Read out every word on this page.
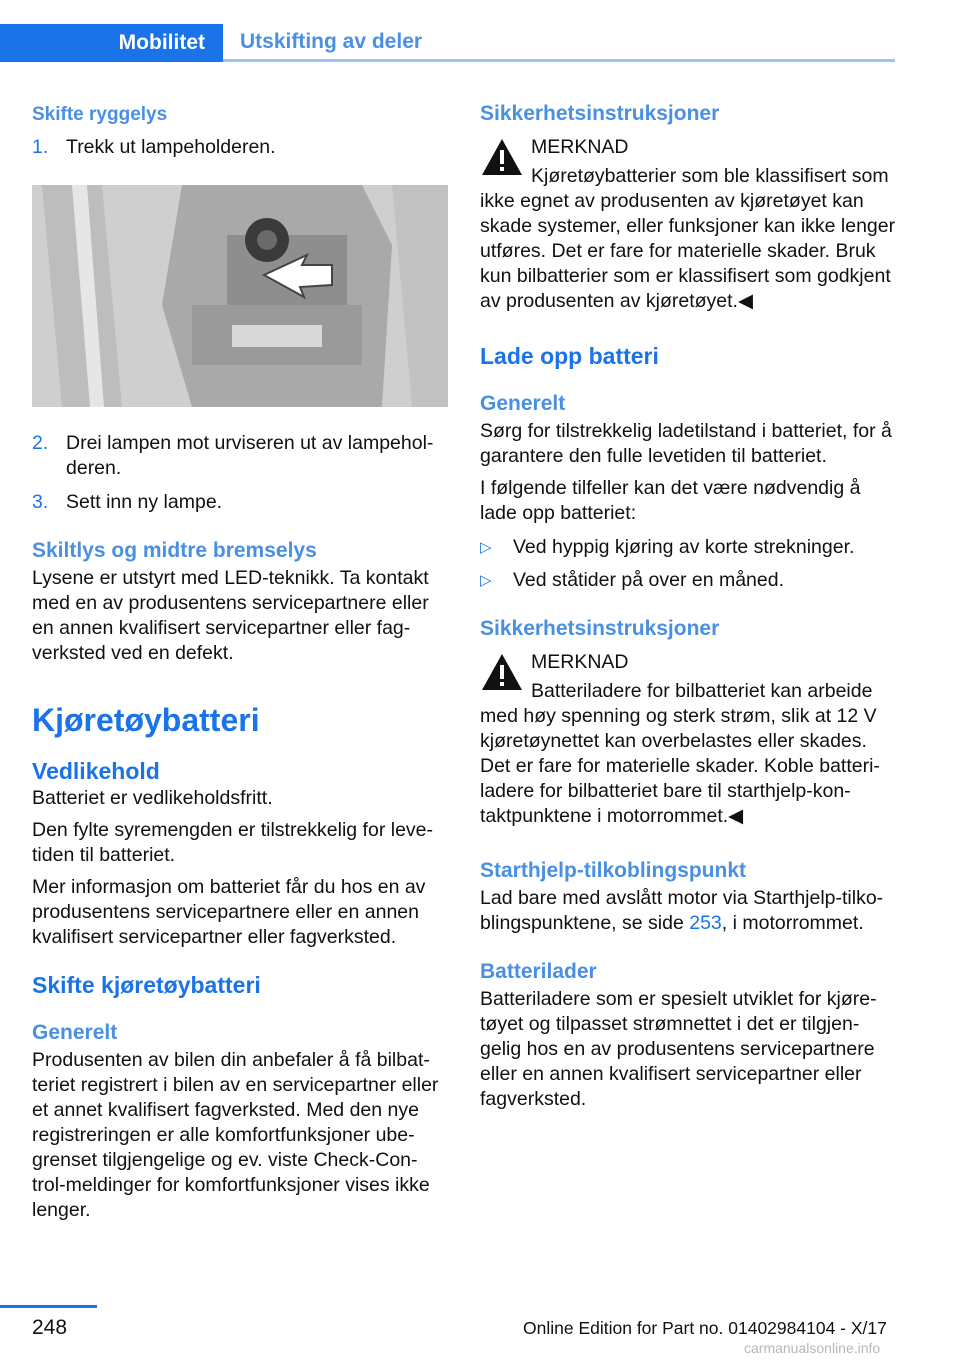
Mobilitet	Utskifting av deler
Skifte ryggelys
1. Trekk ut lampeholderen.
2. Drei lampen mot urviseren ut av lampehol‐deren.
3. Sett inn ny lampe.
Skiltlys og midtre bremselys

Lysene er utstyrt med LED-teknikk. Ta kontakt med en av produsentens servicepartnere eller en annen kvalifisert servicepartner eller fag‐verksted ved en defekt.

Kjøretøybatteri
Vedlikehold

Batteriet er vedlikeholdsfritt.

Den fylte syremengden er tilstrekkelig for leve‐tiden til batteriet.

Mer informasjon om batteriet får du hos en av produsentens servicepartnere eller en annen kvalifisert servicepartner eller fagverksted.

Skifte kjøretøybatteri
Generelt

Produsenten av bilen din anbefaler å få bilbat‐teriet registrert i bilen av en servicepartner eller et annet kvalifisert fagverksted. Med den nye registreringen er alle komfortfunksjoner ube‐grenset tilgjengelige og ev. viste Check-Con‐trol-meldinger for komfortfunksjoner vises ikke lenger.

Sikkerhetsinstruksjoner
MERKNAD

Kjøretøybatterier som ble klassifisert som ikke egnet av produsenten av kjøretøyet kan skade systemer, eller funksjoner kan ikke lenger utføres. Det er fare for materielle skader. Bruk kun bilbatterier som er klassifisert som godkjent av produsenten av kjøretøyet.◀

Lade opp batteri
Generelt

Sørg for tilstrekkelig ladetilstand i batteriet, for å garantere den fulle levetiden til batteriet.

I følgende tilfeller kan det være nødvendig å lade opp batteriet:

▷	Ved hyppig kjøring av korte strekninger.
▷	Ved ståtider på over en måned.
Sikkerhetsinstruksjoner
MERKNAD

Batteriladere for bilbatteriet kan arbeide med høy spenning og sterk strøm, slik at 12 V kjøretøynettet kan overbelastes eller skades. Det er fare for materielle skader. Koble batteri‐ladere for bilbatteriet bare til starthjelp-kon‐taktpunktene i motorrommet.◀

Starthjelp-tilkoblingspunkt

Lad bare med avslått motor via Starthjelp-tilko‐blingspunktene, se side 253, i motorrommet.

Batterilader

Batteriladere som er spesielt utviklet for kjøre‐tøyet og tilpasset strømnettet i det er tilgjen‐gelig hos en av produsentens servicepartnere eller en annen kvalifisert servicepartner eller fagverksted.

248	Online Edition for Part no. 01402984104 - X/17
carmanualsonline.info
